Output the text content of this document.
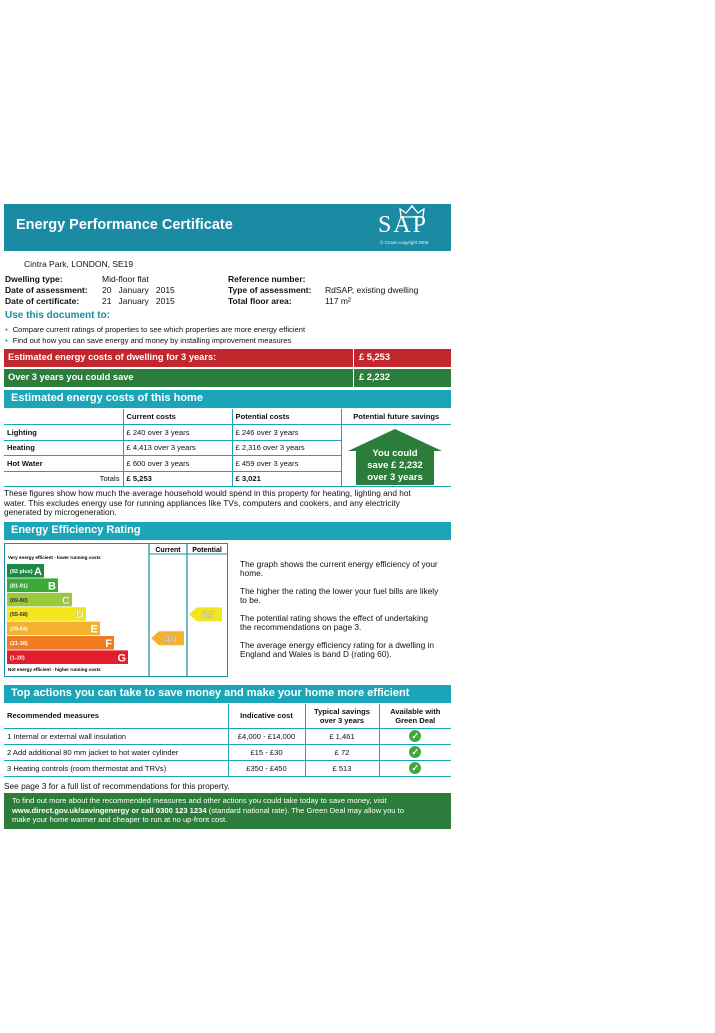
Energy Performance Certificate	SAP
© Crown copyright 2009
Cintra Park, LONDON, SE19
Dwelling type:	Mid-floor flat
Date of assessment: 20   January   2015
Date of certificate:	21   January   2015
Reference number:
Type of assessment: RdSAP, existing dwelling
Total floor area:	117 m²
Use this document to:
▪ Compare current ratings of properties to see which properties are more energy efficient
▪ Find out how you can save energy and money by installing improvement measures
Estimated energy costs of dwelling for 3 years:	£ 5,253
Over 3 years you could save	£ 2,232
Estimated energy costs of this home
	Current costs	Potential costs	Potential future savings
Lighting	£ 240 over 3 years	£ 246 over 3 years	
Heating	£ 4,413 over 3 years	£ 2,316 over 3 years	
Hot Water	£ 600 over 3 years	£ 459 over 3 years	
Totals	£ 5,253	£ 3,021	
You could
save £ 2,232
over 3 years
These figures show how much the average household would spend in this property for heating, lighting and hot
water. This excludes energy use for running appliances like TVs, computers and cookers, and any electricity
generated by microgeneration.
Energy Efficiency Rating
Current Potential
Very energy efficient - lower running costs
Not energy efficient - higher running costs
(92 plus) A
(81-91) B
(69-80)	C
(55-68)	D
(39-54)	E
(21-38)	F
(1-20)	G
40
65
The graph shows the current energy efficiency of your
home.
The higher the rating the lower your fuel bills are likely
to be.
The potential rating shows the effect of undertaking
the recommendations on page 3.
The average energy efficiency rating for a dwelling in
England and Wales is band D (rating 60).
Top actions you can take to save money and make your home more efficient
Recommended measures	Indicative cost	Typical savings over 3 years	Available with Green Deal
1 Internal or external wall insulation	£4,000 - £14,000	£ 1,461	✓
2 Add additional 80 mm jacket to hot water cylinder	£15 - £30	£ 72	✓
3 Heating controls (room thermostat and TRVs)	£350 - £450	£ 513	✓
See page 3 for a full list of recommendations for this property.
To find out more about the recommended measures and other actions you could take today to save money, visit
www.direct.gov.uk/savingenergy or call 0300 123 1234 (standard national rate). The Green Deal may allow you to
make your home warmer and cheaper to run at no up-front cost.
